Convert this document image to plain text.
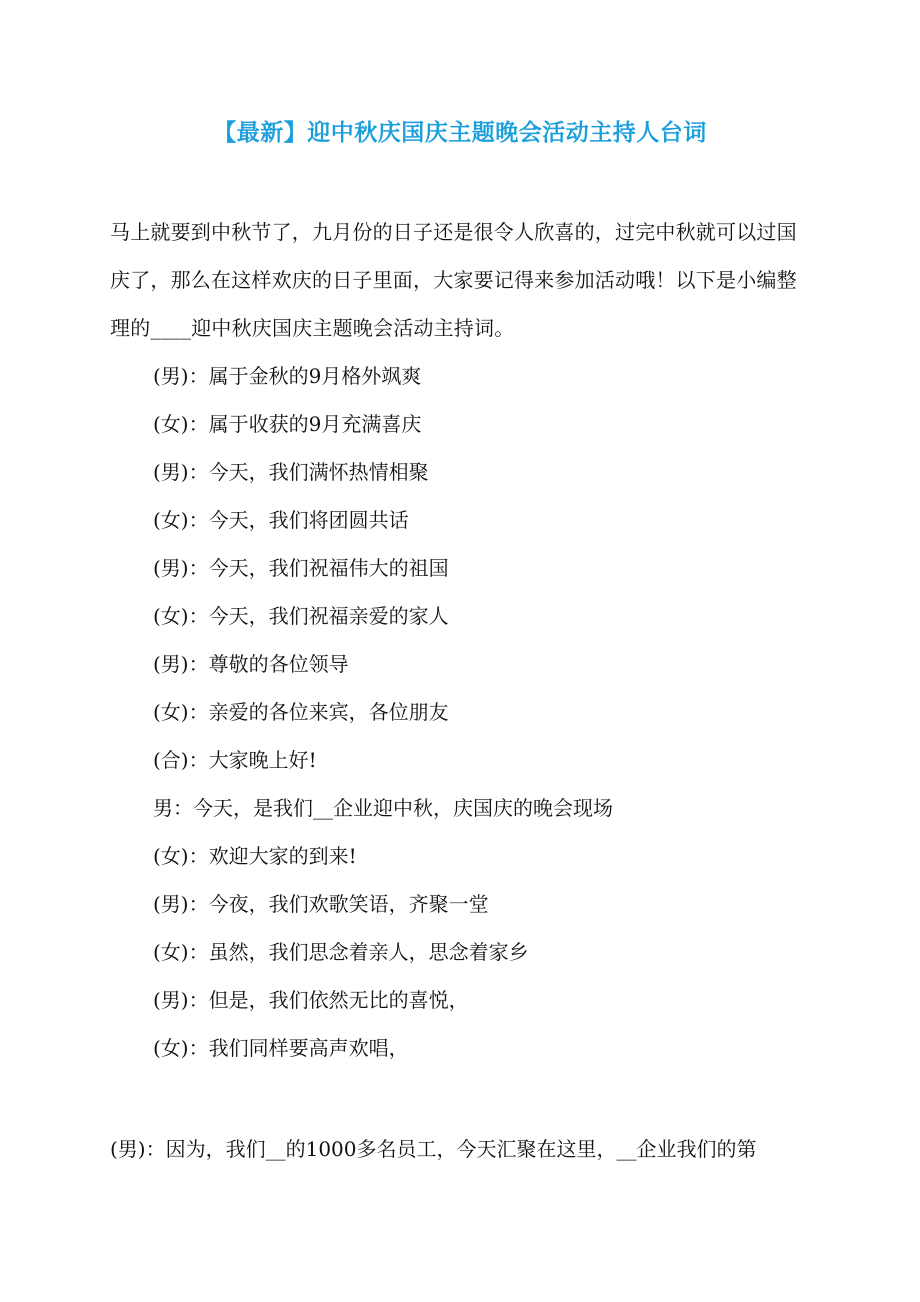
【最新】迎中秋庆国庆主题晚会活动主持人台词

马上就要到中秋节了，九月份的日子还是很令人欣喜的，过完中秋就可以过国庆了，那么在这样欢庆的日子里面，大家要记得来参加活动哦！以下是小编整理的____迎中秋庆国庆主题晚会活动主持词。

(男)：属于金秋的9月格外飒爽
(女)：属于收获的9月充满喜庆
(男)：今天，我们满怀热情相聚
(女)：今天，我们将团圆共话
(男)：今天，我们祝福伟大的祖国
(女)：今天，我们祝福亲爱的家人
(男)：尊敬的各位领导
(女)：亲爱的各位来宾，各位朋友
(合)：大家晚上好!
男：今天，是我们__企业迎中秋，庆国庆的晚会现场
(女)：欢迎大家的到来!
(男)：今夜，我们欢歌笑语，齐聚一堂
(女)：虽然，我们思念着亲人，思念着家乡
(男)：但是，我们依然无比的喜悦，
(女)：我们同样要高声欢唱，
(男)：因为，我们__的1000多名员工，今天汇聚在这里，__企业我们的第
